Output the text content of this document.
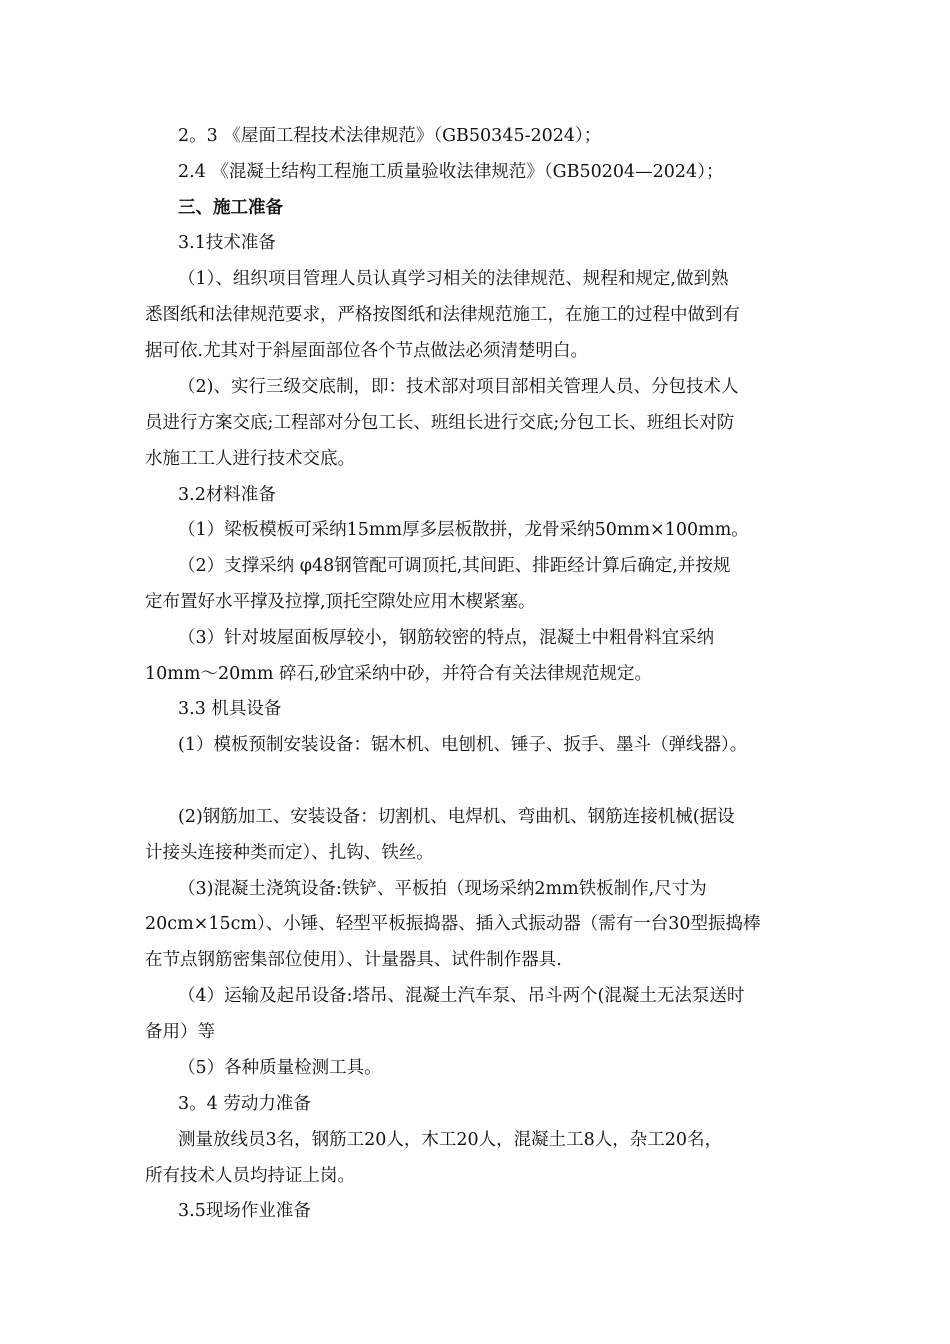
2。3 《屋面工程技术法律规范》（GB50345-2024）；
2.4 《混凝土结构工程施工质量验收法律规范》（GB50204—2024）；
三、施工准备
3.1技术准备
（1）、组织项目管理人员认真学习相关的法律规范、规程和规定,做到熟
悉图纸和法律规范要求，严格按图纸和法律规范施工，在施工的过程中做到有
据可依.尤其对于斜屋面部位各个节点做法必须清楚明白。
（2)、实行三级交底制，即：技术部对项目部相关管理人员、分包技术人
员进行方案交底;工程部对分包工长、班组长进行交底;分包工长、班组长对防
水施工工人进行技术交底。
3.2材料准备
（1）梁板模板可采纳15mm厚多层板散拼，龙骨采纳50mm×100mm。
（2）支撑采纳 φ48钢管配可调顶托,其间距、排距经计算后确定,并按规
定布置好水平撑及拉撑,顶托空隙处应用木楔紧塞。
（3）针对坡屋面板厚较小，钢筋较密的特点，混凝土中粗骨料宜采纳
10mm～20mm 碎石,砂宜采纳中砂，并符合有关法律规范规定。
3.3 机具设备
(1）模板预制安装设备：锯木机、电刨机、锤子、扳手、墨斗（弹线器）。
(2)钢筋加工、安装设备：切割机、电焊机、弯曲机、钢筋连接机械(据设
计接头连接种类而定）、扎钩、铁丝。
（3)混凝土浇筑设备:铁铲、平板拍（现场采纳2mm铁板制作,尺寸为
20cm×15cm）、小锤、轻型平板振捣器、插入式振动器（需有一台30型振捣棒
在节点钢筋密集部位使用）、计量器具、试件制作器具.
（4）运输及起吊设备:塔吊、混凝土汽车泵、吊斗两个(混凝土无法泵送时
备用）等
（5）各种质量检测工具。
3。4 劳动力准备
测量放线员3名，钢筋工20人，木工20人，混凝土工8人，杂工20名，
所有技术人员均持证上岗。
3.5现场作业准备
